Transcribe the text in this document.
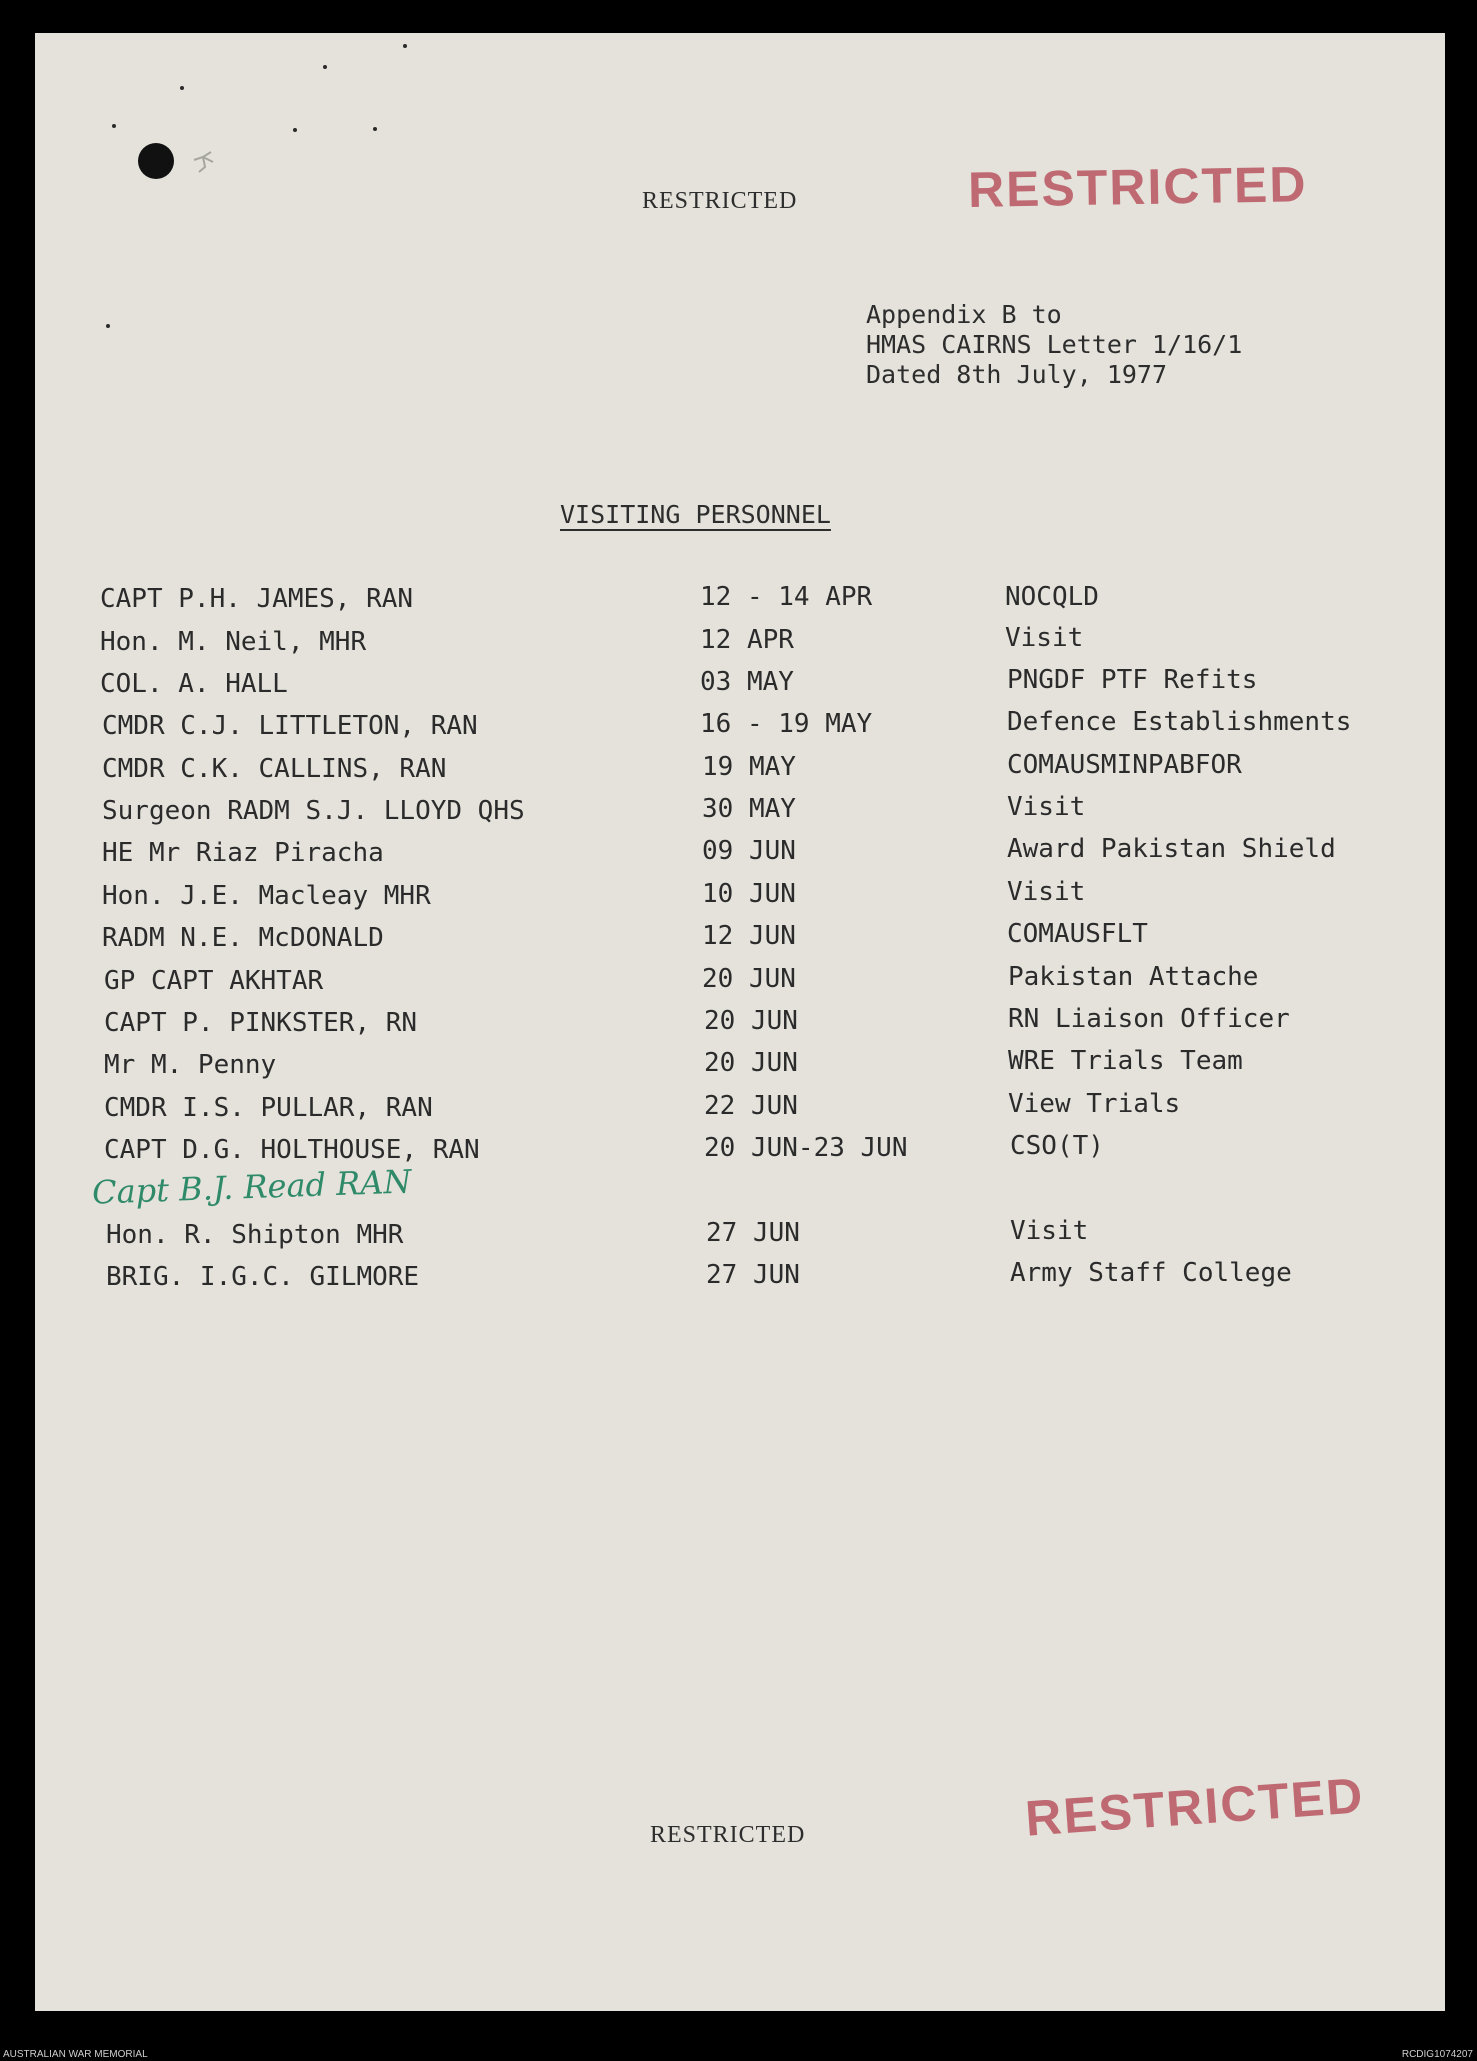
RESTRICTED	RESTRICTED
Appendix B to
HMAS CAIRNS Letter 1/16/1
Dated 8th July, 1977
VISITING PERSONNEL
CAPT P.H. JAMES, RAN	12 - 14 APR	NOCQLD
Hon. M. Neil, MHR	12 APR	Visit
COL. A. HALL	03 MAY	PNGDF PTF Refits
CMDR C.J. LITTLETON, RAN	16 - 19 MAY	Defence Establishments
CMDR C.K. CALLINS, RAN	19 MAY	COMAUSMINPABFOR
Surgeon RADM S.J. LLOYD QHS	30 MAY	Visit
HE Mr Riaz Piracha	09 JUN	Award Pakistan Shield
Hon. J.E. Macleay MHR	10 JUN	Visit
RADM N.E. McDONALD	12 JUN	COMAUSFLT
GP CAPT AKHTAR	20 JUN	Pakistan Attache
CAPT P. PINKSTER, RN	20 JUN	RN Liaison Officer
Mr M. Penny	20 JUN	WRE Trials Team
CMDR I.S. PULLAR, RAN	22 JUN	View Trials
CAPT D.G. HOLTHOUSE, RAN	20 JUN-23 JUN	CSO(T)
Hon. R. Shipton MHR	27 JUN	Visit
BRIG. I.G.C. GILMORE	27 JUN	Army Staff College
Capt B.J. Read RAN
RESTRICTED	RESTRICTED
AUSTRALIAN WAR MEMORIAL	RCDIG1074207
